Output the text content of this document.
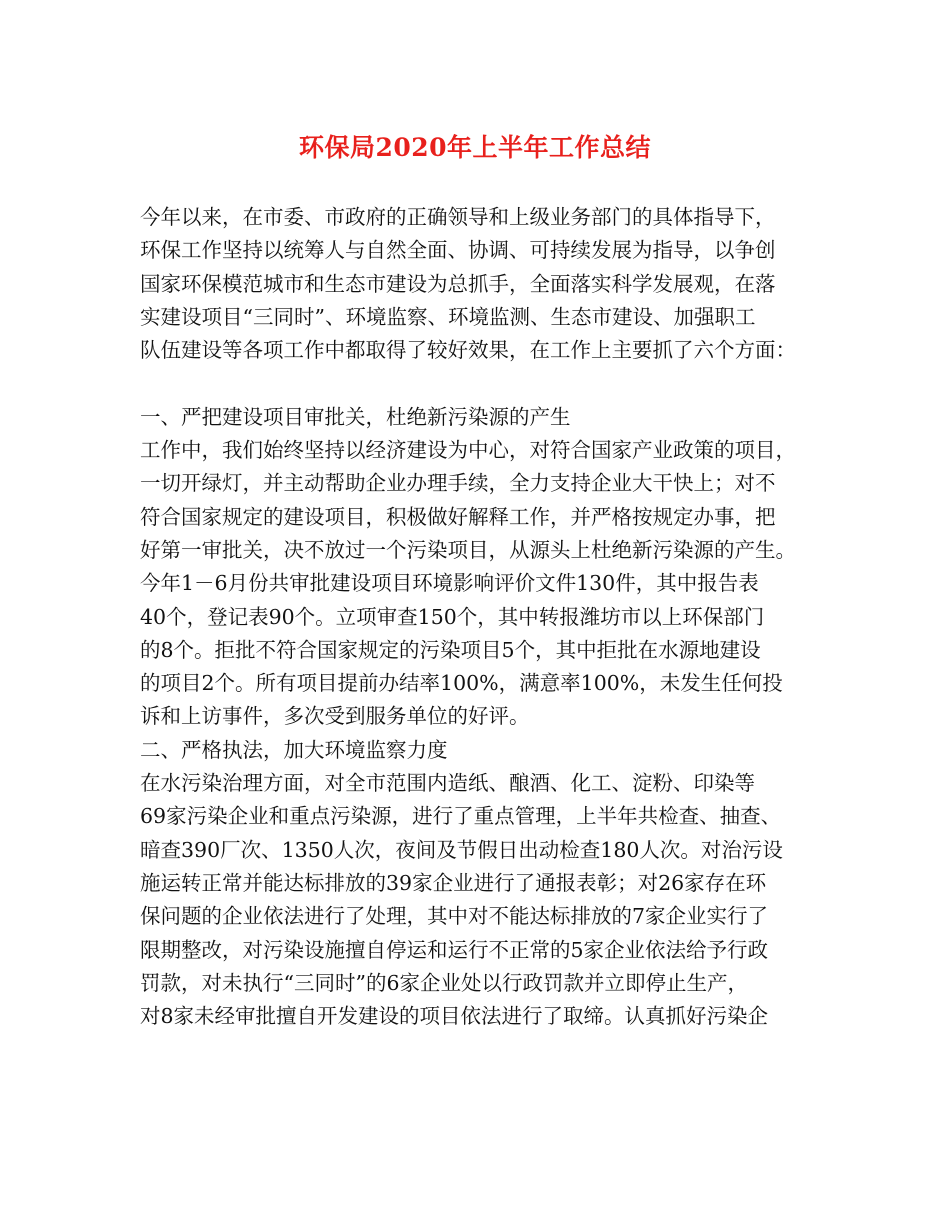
环保局2020年上半年工作总结
今年以来，在市委、市政府的正确领导和上级业务部门的具体指导下，
环保工作坚持以统筹人与自然全面、协调、可持续发展为指导，以争创
国家环保模范城市和生态市建设为总抓手，全面落实科学发展观，在落
实建设项目“三同时”、环境监察、环境监测、生态市建设、加强职工
队伍建设等各项工作中都取得了较好效果，在工作上主要抓了六个方面：
一、严把建设项目审批关，杜绝新污染源的产生
工作中，我们始终坚持以经济建设为中心，对符合国家产业政策的项目，
一切开绿灯，并主动帮助企业办理手续，全力支持企业大干快上；对不
符合国家规定的建设项目，积极做好解释工作，并严格按规定办事，把
好第一审批关，决不放过一个污染项目，从源头上杜绝新污染源的产生。
今年1－6月份共审批建设项目环境影响评价文件130件，其中报告表
40个，登记表90个。立项审查150个，其中转报潍坊市以上环保部门
的8个。拒批不符合国家规定的污染项目5个，其中拒批在水源地建设
的项目2个。所有项目提前办结率100%，满意率100%，未发生任何投
诉和上访事件，多次受到服务单位的好评。
二、严格执法，加大环境监察力度
在水污染治理方面，对全市范围内造纸、酿酒、化工、淀粉、印染等
69家污染企业和重点污染源，进行了重点管理，上半年共检查、抽查、
暗查390厂次、1350人次，夜间及节假日出动检查180人次。对治污设
施运转正常并能达标排放的39家企业进行了通报表彰；对26家存在环
保问题的企业依法进行了处理，其中对不能达标排放的7家企业实行了
限期整改，对污染设施擅自停运和运行不正常的5家企业依法给予行政
罚款，对未执行“三同时”的6家企业处以行政罚款并立即停止生产，
对8家未经审批擅自开发建设的项目依法进行了取缔。认真抓好污染企
